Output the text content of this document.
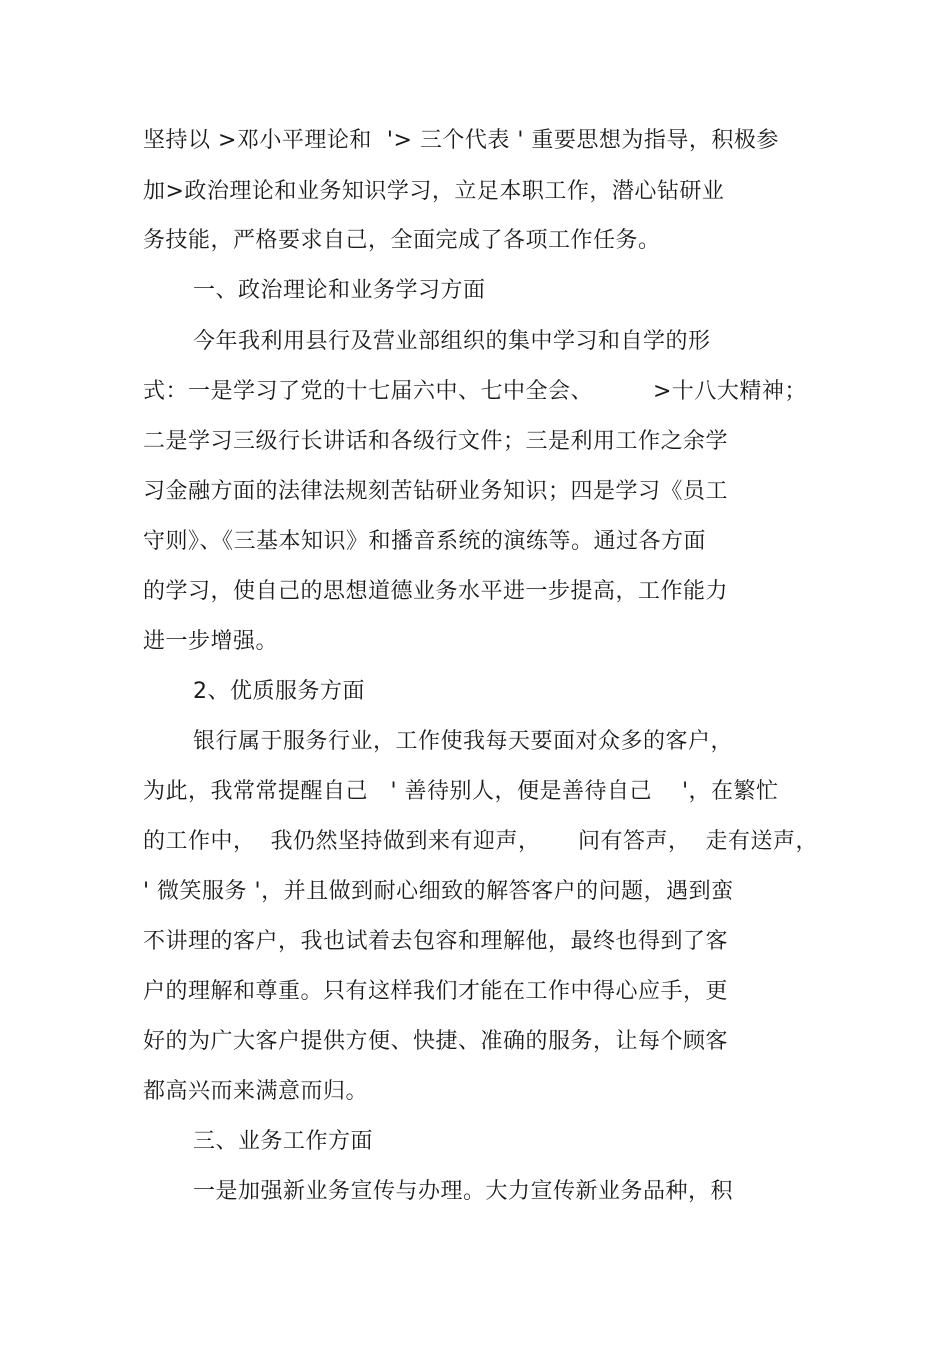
坚持以 >邓小平理论和  '> 三个代表 ' 重要思想为指导，积极参
加>政治理论和业务知识学习，立足本职工作，潜心钻研业
务技能，严格要求自己，全面完成了各项工作任务。
一、政治理论和业务学习方面
今年我利用县行及营业部组织的集中学习和自学的形
式：一是学习了党的十七届六中、七中全会、        >十八大精神；
二是学习三级行长讲话和各级行文件；三是利用工作之余学
习金融方面的法律法规刻苦钻研业务知识；四是学习《员工
守则》、《三基本知识》和播音系统的演练等。通过各方面
的学习，使自己的思想道德业务水平进一步提高，工作能力
进一步增强。
2、优质服务方面
银行属于服务行业，工作使我每天要面对众多的客户，
为此，我常常提醒自己   ' 善待别人，便是善待自己    '，在繁忙
的工作中，  我仍然坚持做到来有迎声，     问有答声，  走有送声，
' 微笑服务 '，并且做到耐心细致的解答客户的问题，遇到蛮
不讲理的客户，我也试着去包容和理解他，最终也得到了客
户的理解和尊重。只有这样我们才能在工作中得心应手，更
好的为广大客户提供方便、快捷、准确的服务，让每个顾客
都高兴而来满意而归。
三、业务工作方面
一是加强新业务宣传与办理。大力宣传新业务品种，积
